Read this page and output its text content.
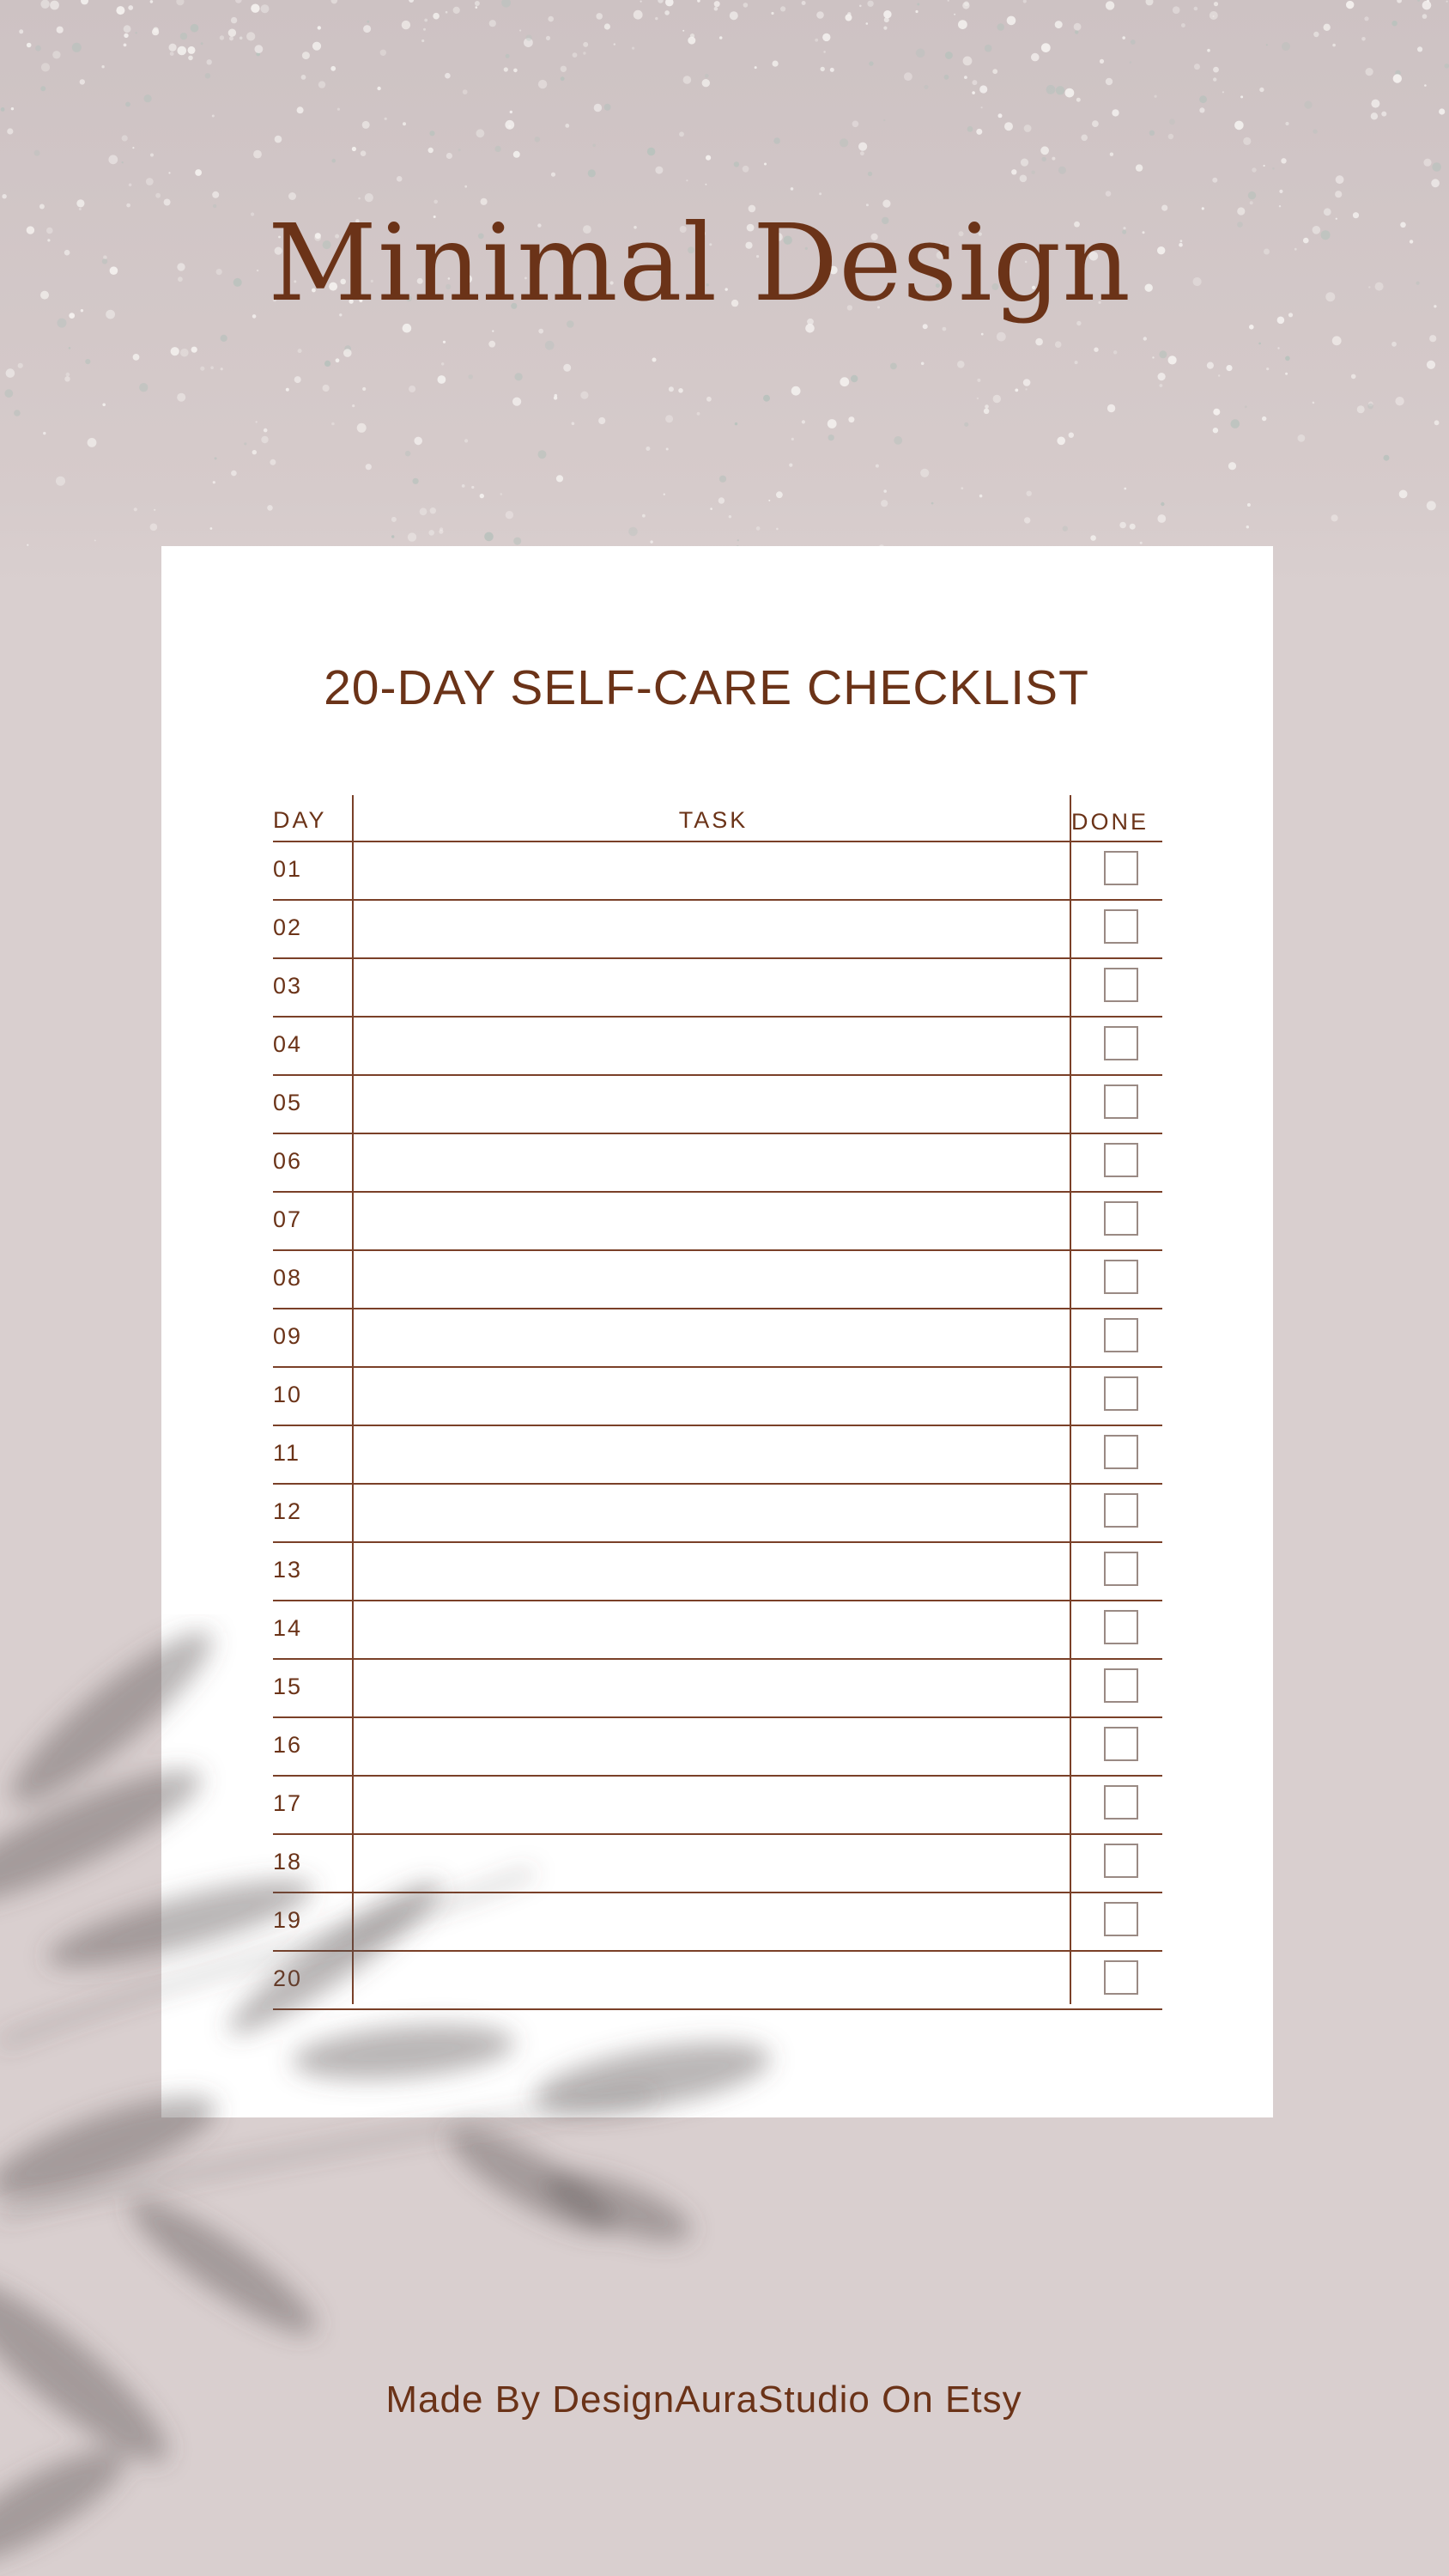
Minimal Design
20-DAY SELF-CARE CHECKLIST
DAY	TASK	DONE
01
02
03
04
05
06
07
08
09
10
11
12
13
14
15
16
17
18
19
20
Made By DesignAuraStudio On Etsy
